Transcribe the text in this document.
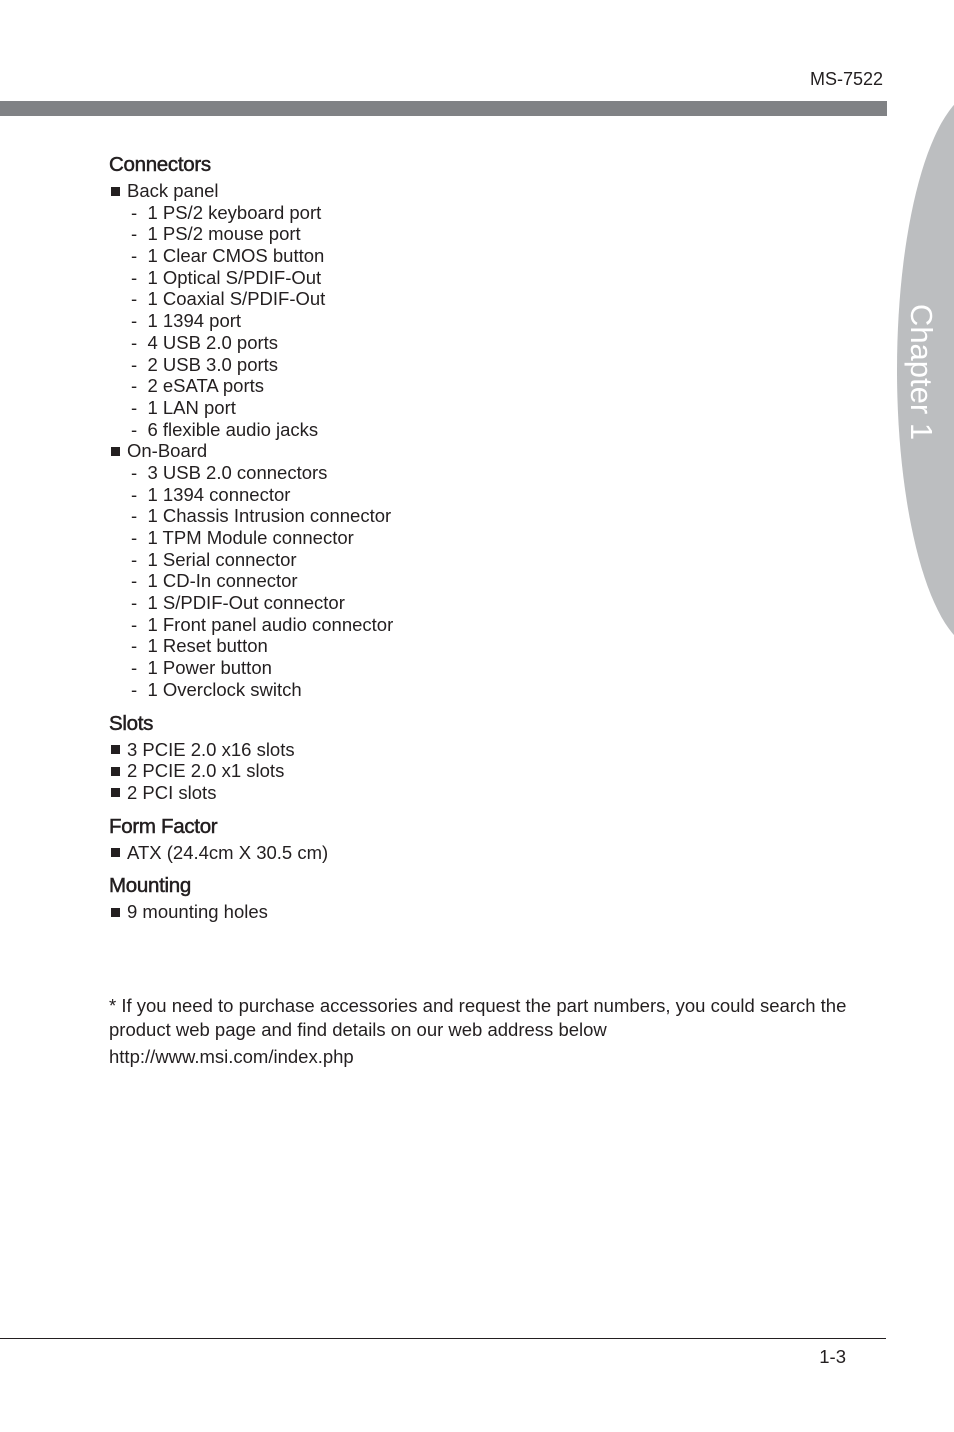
MS-7522
Chapter 1
Connectors
Back panel
-  1 PS/2 keyboard port
-  1 PS/2 mouse port
-  1 Clear CMOS button
-  1 Optical S/PDIF-Out
-  1 Coaxial S/PDIF-Out
-  1 1394 port
-  4 USB 2.0 ports
-  2 USB 3.0 ports
-  2 eSATA ports
-  1 LAN port
-  6 flexible audio jacks
On-Board
-  3 USB 2.0 connectors
-  1 1394 connector
-  1 Chassis Intrusion connector
-  1 TPM Module connector
-  1 Serial connector
-  1 CD-In connector
-  1 S/PDIF-Out connector
-  1 Front panel audio connector
-  1 Reset button
-  1 Power button
-  1 Overclock switch
Slots
3 PCIE 2.0 x16 slots
2 PCIE 2.0 x1 slots
2 PCI slots
Form Factor
ATX (24.4cm X 30.5 cm)
Mounting
9 mounting holes
* If you need to purchase accessories and request the part numbers, you could search the product web page and find details on our web address below
http://www.msi.com/index.php
1-3
